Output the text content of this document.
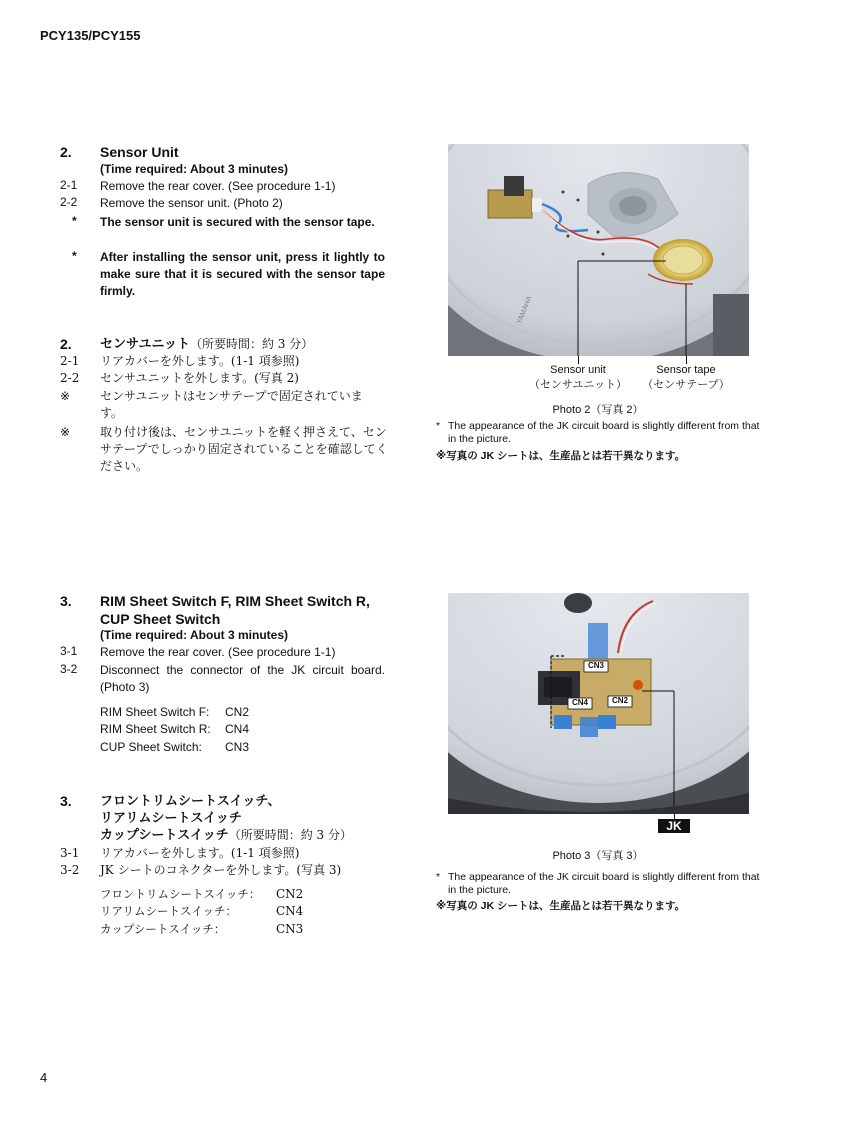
PCY135/PCY155
2. Sensor Unit
(Time required: About 3 minutes)
2-1 Remove the rear cover. (See procedure 1-1)
2-2 Remove the sensor unit. (Photo 2)
* The sensor unit is secured with the sensor tape.
* After installing the sensor unit, press it lightly to make sure that it is secured with the sensor tape firmly.
2. センサユニット（所要時間：約 3 分）
2-1 リアカバーを外します。(1-1 項参照)
2-2 センサユニットを外します。(写真 2)
※ センサユニットはセンサテープで固定されています。
※ 取り付け後は、センサユニットを軽く押さえて、センサテープでしっかり固定されていることを確認してください。
YAMAHA
Sensor unit
（センサユニット）
Sensor tape
（センサテープ）
Photo 2（写真 2）
* The appearance of the JK circuit board is slightly different from that in the picture.
※写真の JK シートは、生産品とは若干異なります。
3. RIM Sheet Switch F, RIM Sheet Switch R,
CUP Sheet Switch
(Time required: About 3 minutes)
3-1 Remove the rear cover. (See procedure 1-1)
3-2 Disconnect the connector of the JK circuit board. (Photo 3)
RIM Sheet Switch F: CN2
RIM Sheet Switch R: CN4
CUP Sheet Switch: CN3
3. フロントリムシートスイッチ、
リアリムシートスイッチ
カップシートスイッチ（所要時間：約 3 分）
3-1 リアカバーを外します。(1-1 項参照)
3-2 JK シートのコネクターを外します。(写真 3)
フロントリムシートスイッチ： CN2
リアリムシートスイッチ：	CN4
カップシートスイッチ：	CN3
CN3
CN4	CN2
JK
Photo 3（写真 3）
* The appearance of the JK circuit board is slightly different from that in the picture.
※写真の JK シートは、生産品とは若干異なります。
4
